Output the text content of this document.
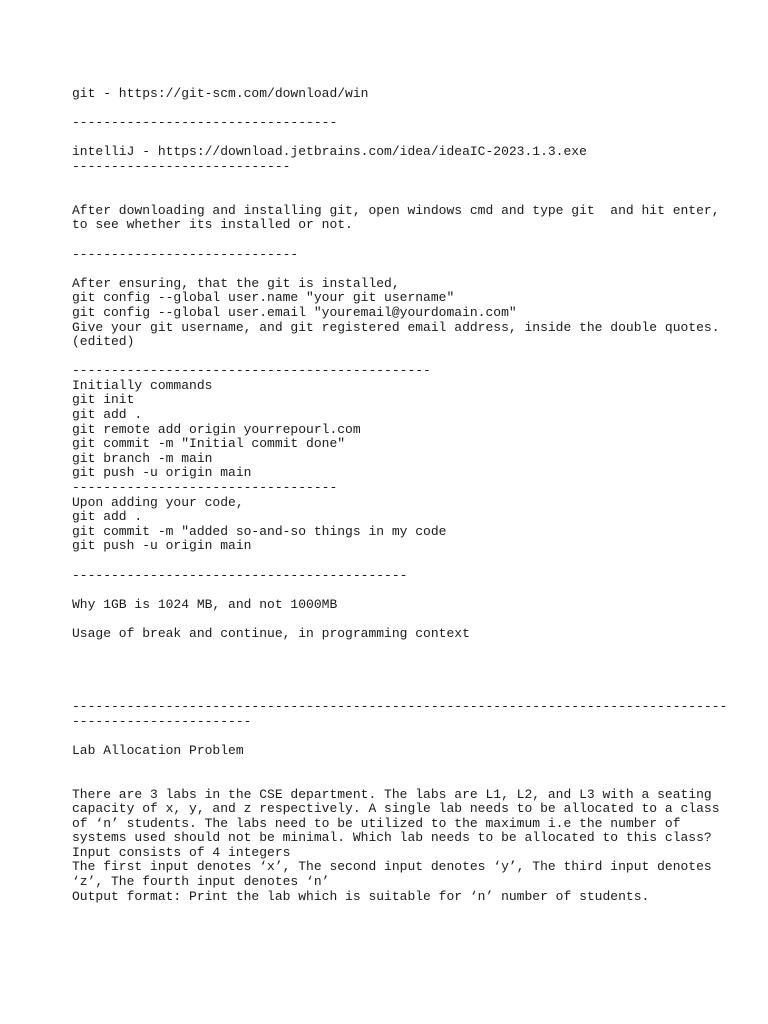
git - https://git-scm.com/download/win
----------------------------------
intelliJ - https://download.jetbrains.com/idea/ideaIC-2023.1.3.exe
----------------------------
After downloading and installing git, open windows cmd and type git  and hit enter,
to see whether its installed or not.
-----------------------------
After ensuring, that the git is installed,
git config --global user.name "your git username"
git config --global user.email "youremail@yourdomain.com"
Give your git username, and git registered email address, inside the double quotes.
(edited)
----------------------------------------------
Initially commands
git init
git add .
git remote add origin yourrepourl.com
git commit -m "Initial commit done"
git branch -m main
git push -u origin main
----------------------------------
Upon adding your code,
git add .
git commit -m "added so-and-so things in my code
git push -u origin main
-------------------------------------------
Why 1GB is 1024 MB, and not 1000MB
Usage of break and continue, in programming context
------------------------------------------------------------------------------------
-----------------------
Lab Allocation Problem
There are 3 labs in the CSE department. The labs are L1, L2, and L3 with a seating
capacity of x, y, and z respectively. A single lab needs to be allocated to a class
of ‘n’ students. The labs need to be utilized to the maximum i.e the number of
systems used should not be minimal. Which lab needs to be allocated to this class?
Input consists of 4 integers
The first input denotes ‘x’, The second input denotes ‘y’, The third input denotes
‘z’, The fourth input denotes ‘n’
Output format: Print the lab which is suitable for ‘n’ number of students.
